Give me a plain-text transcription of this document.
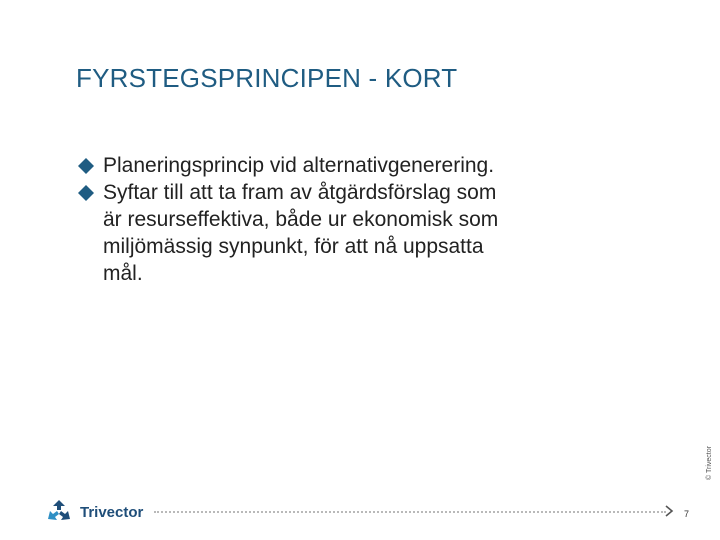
FYRSTEGSPRINCIPEN - KORT
Planeringsprincip vid alternativgenerering.
Syftar till att ta fram av åtgärdsförslag som är resurseffektiva, både ur ekonomisk som miljömässig synpunkt, för att nå uppsatta mål.
© Trivector
Trivector	7
